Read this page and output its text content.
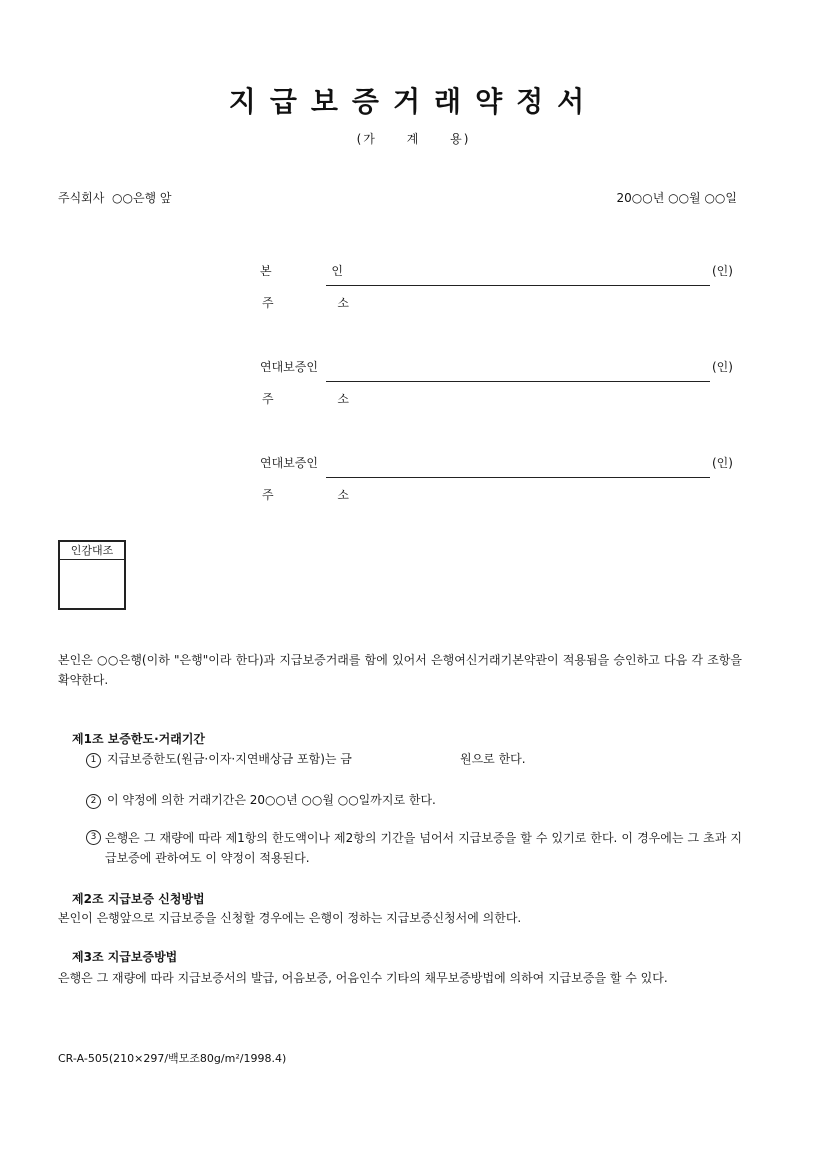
지급보증거래약정서
(가 계 용)
주식회사  ○○은행 앞	20○○년 ○○월 ○○일
본 인	(인)
주 소
연대보증인	(인)
주 소
연대보증인	(인)
주 소
인감대조
본인은 ○○은행(이하 "은행"이라 한다)과 지급보증거래를 함에 있어서 은행여신거래기본약관이 적용됨을 승인하고 다음 각 조항을 확약한다.
제1조 보증한도·거래기간
1 지급보증한도(원금·이자·지연배상금 포함)는 금	원으로 한다.
2 이 약정에 의한 거래기간은 20○○년 ○○월 ○○일까지로 한다.
3 은행은 그 재량에 따라 제1항의 한도액이나 제2항의 기간을 넘어서 지급보증을 할 수 있기로 한다. 이 경우에는 그 초과 지급보증에 관하여도 이 약정이 적용된다.
제2조 지급보증 신청방법
본인이 은행앞으로 지급보증을 신청할 경우에는 은행이 정하는 지급보증신청서에 의한다.
제3조 지급보증방법
은행은 그 재량에 따라 지급보증서의 발급, 어음보증, 어음인수 기타의 채무보증방법에 의하여 지급보증을 할 수 있다.
CR-A-505(210×297/백모조80g/m²/1998.4)
